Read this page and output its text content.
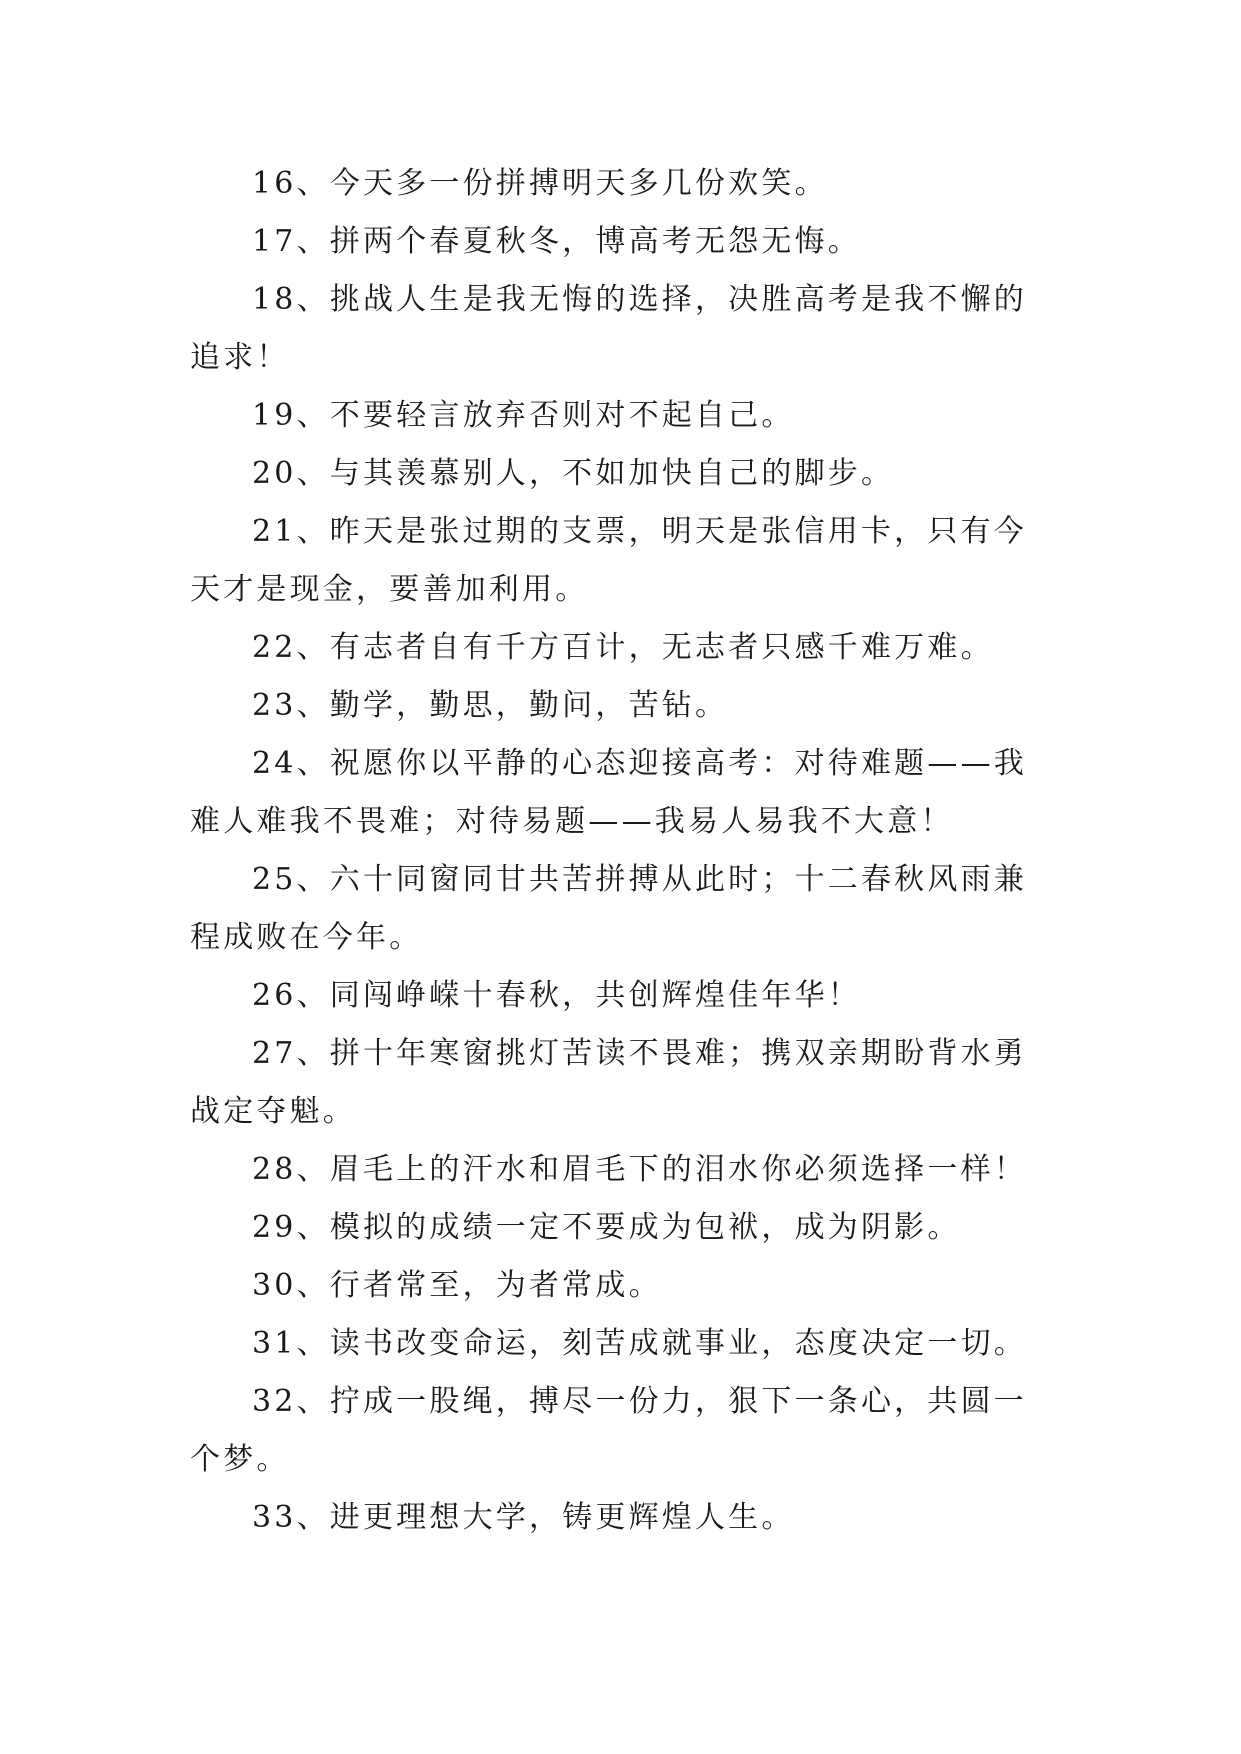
16、今天多一份拼搏明天多几份欢笑。

17、拼两个春夏秋冬，博高考无怨无悔。

18、挑战人生是我无悔的选择，决胜高考是我不懈的追求！

19、不要轻言放弃否则对不起自己。

20、与其羡慕别人，不如加快自己的脚步。

21、昨天是张过期的支票，明天是张信用卡，只有今天才是现金，要善加利用。

22、有志者自有千方百计，无志者只感千难万难。

23、勤学，勤思，勤问，苦钻。

24、祝愿你以平静的心态迎接高考：对待难题——我难人难我不畏难；对待易题——我易人易我不大意！

25、六十同窗同甘共苦拼搏从此时；十二春秋风雨兼程成败在今年。

26、同闯峥嵘十春秋，共创辉煌佳年华！

27、拼十年寒窗挑灯苦读不畏难；携双亲期盼背水勇战定夺魁。

28、眉毛上的汗水和眉毛下的泪水你必须选择一样！

29、模拟的成绩一定不要成为包袱，成为阴影。

30、行者常至，为者常成。

31、读书改变命运，刻苦成就事业，态度决定一切。

32、拧成一股绳，搏尽一份力，狠下一条心，共圆一个梦。

33、进更理想大学，铸更辉煌人生。
